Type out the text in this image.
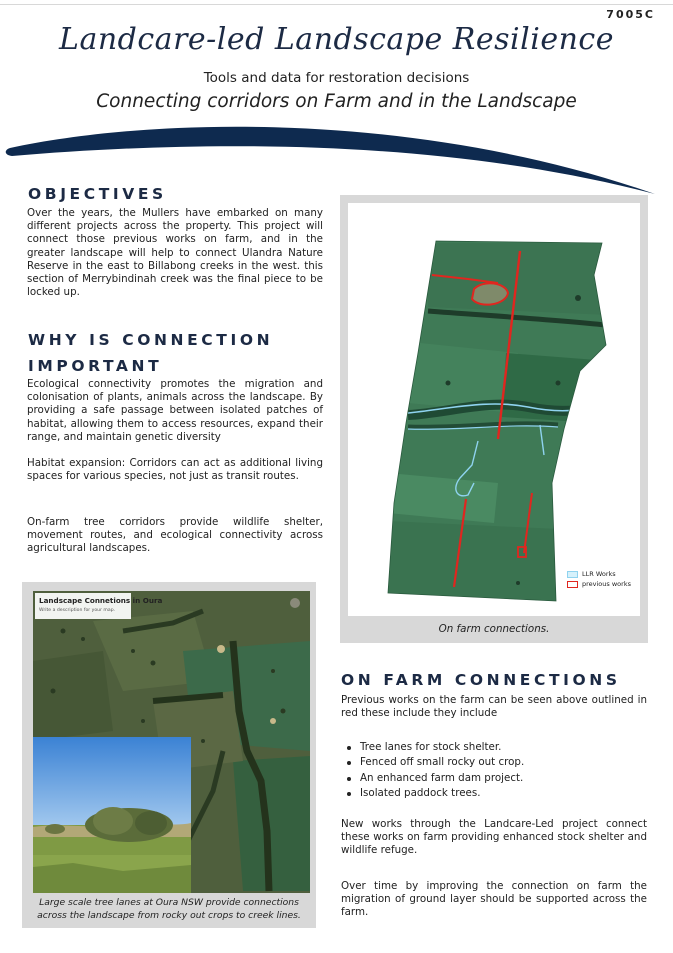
7005C
Landcare-led Landscape Resilience
Tools and data for restoration decisions
Connecting corridors on Farm and in the Landscape
OBJECTIVES

Over the years, the Mullers have embarked on many different projects across the property. This project will connect those previous works on farm, and in the greater landscape will help to connect Ulandra Nature Reserve in the east to Billabong creeks in the west. this section of Merrybindinah creek was the final piece to be locked up.

WHY IS CONNECTION
IMPORTANT

Ecological connectivity promotes the migration and colonisation of plants, animals across the landscape. By providing a safe passage between isolated patches of habitat, allowing them to access resources, expand their range, and maintain genetic diversity

Habitat expansion: Corridors can act as additional living spaces for various species, not just as transit routes.

On-farm tree corridors provide wildlife shelter, movement routes, and ecological connectivity across agricultural landscapes.

LLR Works
previous works
On farm connections.
Landscape Connetions in Oura
Write a description for your map.
Large scale tree lanes at Oura NSW provide connections
across the landscape from rocky out crops to creek lines.
ON FARM CONNECTIONS

Previous works on the farm can be seen above outlined in red these include they include

Tree lanes for stock shelter.
Fenced off small rocky out crop.
An enhanced farm dam project.
Isolated paddock trees.

New works through the Landcare-Led project connect these works on farm providing enhanced stock shelter and wildlife refuge.

Over time by improving the connection on farm the migration of ground layer should be supported across the farm.
